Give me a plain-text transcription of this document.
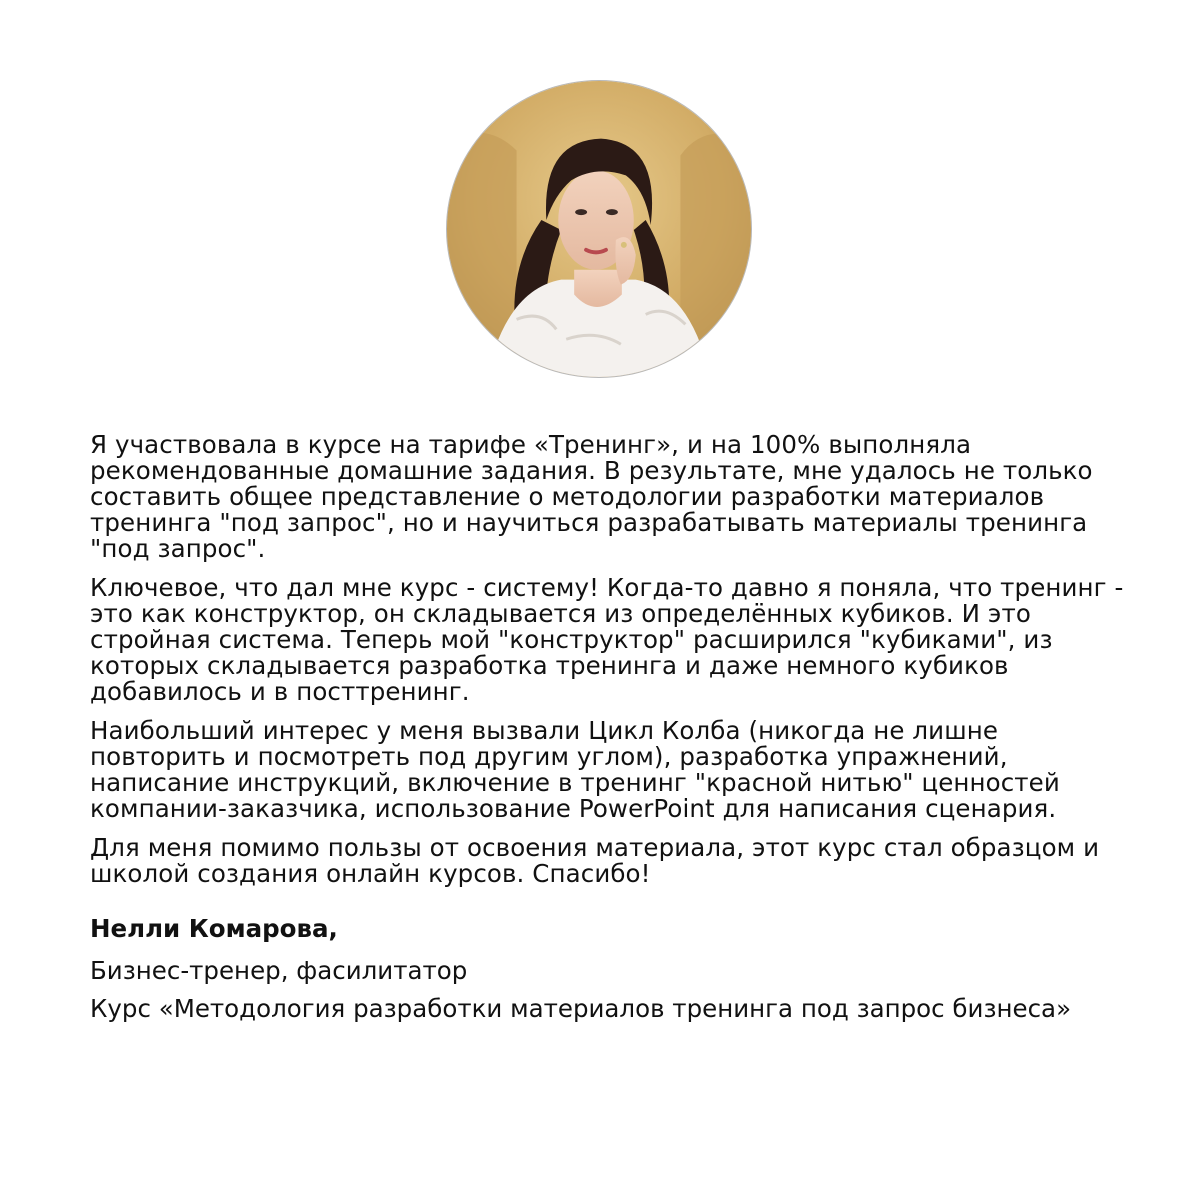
Я участвовала в курсе на тарифе «Тренинг», и на 100% выполняла рекомендованные домашние задания. В результате, мне удалось не только составить общее представление о методологии разработки материалов тренинга "под запрос", но и научиться разрабатывать материалы тренинга "под запрос".

Ключевое, что дал мне курс - систему! Когда-то давно я поняла, что тренинг - это как конструктор, он складывается из определённых кубиков. И это стройная система. Теперь мой "конструктор" расширился "кубиками", из которых складывается разработка тренинга и даже немного кубиков добавилось и в посттренинг.

Наибольший интерес у меня вызвали Цикл Колба (никогда не лишне повторить и посмотреть под другим углом), разработка упражнений, написание инструкций, включение в тренинг "красной нитью" ценностей компании-заказчика, использование PowerPoint для написания сценария.

Для меня помимо пользы от освоения материала, этот курс стал образцом и школой создания онлайн курсов. Спасибо!

Нелли Комарова,

Бизнес-тренер, фасилитатор

Курс «Методология разработки материалов тренинга под запрос бизнеса»
